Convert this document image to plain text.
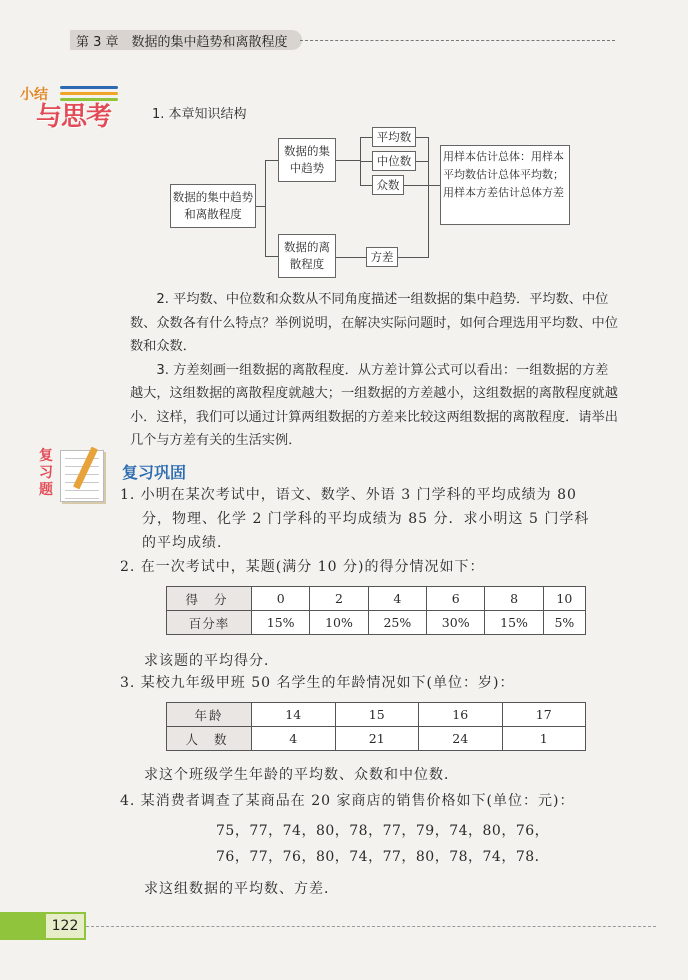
第 3 章　数据的集中趋势和离散程度
小结
与思考	1. 本章知识结构
数据的集中趋势和离散程度
数据的集中趋势
数据的离散程度
平均数
中位数
众数
方差
用样本估计总体：用样本平均数估计总体平均数；用样本方差估计总体方差

2. 平均数、中位数和众数从不同角度描述一组数据的集中趋势．平均数、中位数、众数各有什么特点？举例说明，在解决实际问题时，如何合理选用平均数、中位数和众数．

3. 方差刻画一组数据的离散程度．从方差计算公式可以看出：一组数据的方差越大，这组数据的离散程度就越大；一组数据的方差越小，这组数据的离散程度就越小．这样，我们可以通过计算两组数据的方差来比较这两组数据的离散程度．请举出几个与方差有关的生活实例．

复习题
复习巩固
1. 小明在某次考试中，语文、数学、外语 3 门学科的平均成绩为 80
分，物理、化学 2 门学科的平均成绩为 85 分．求小明这 5 门学科
的平均成绩．
2. 在一次考试中，某题(满分 10 分)的得分情况如下：
得 分	0	2	4	6	8	10
百分率	15%	10%	25%	30%	15%	5%
求该题的平均得分．
3. 某校九年级甲班 50 名学生的年龄情况如下(单位：岁)：
年龄	14	15	16	17
人 数	4	21	24	1
求这个班级学生年龄的平均数、众数和中位数．
4. 某消费者调查了某商品在 20 家商店的销售价格如下(单位：元)：
75，77，74，80，78，77，79，74，80，76，
76，77，76，80，74，77，80，78，74，78．
求这组数据的平均数、方差．
122
